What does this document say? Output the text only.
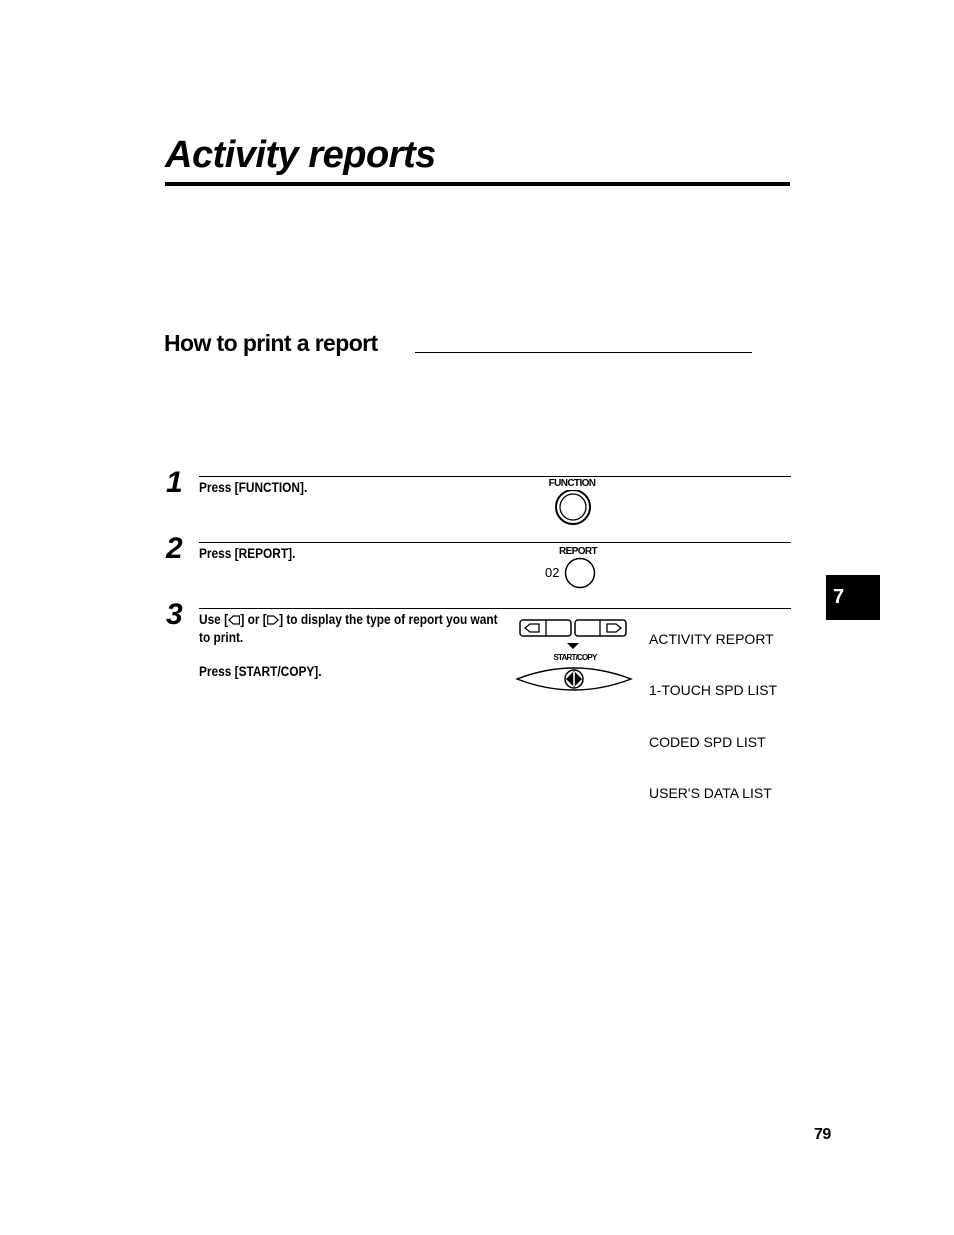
Activity reports
How to print a report
1 Press [FUNCTION].	FUNCTION
2 Press [REPORT].	REPORT
02
3 Use [ ] or [ ] to display the type of report you want to print.
Press [START/COPY].
START/COPY
ACTIVITY REPORT
1-TOUCH SPD LIST
CODED SPD LIST
USER'S DATA LIST
7
79
